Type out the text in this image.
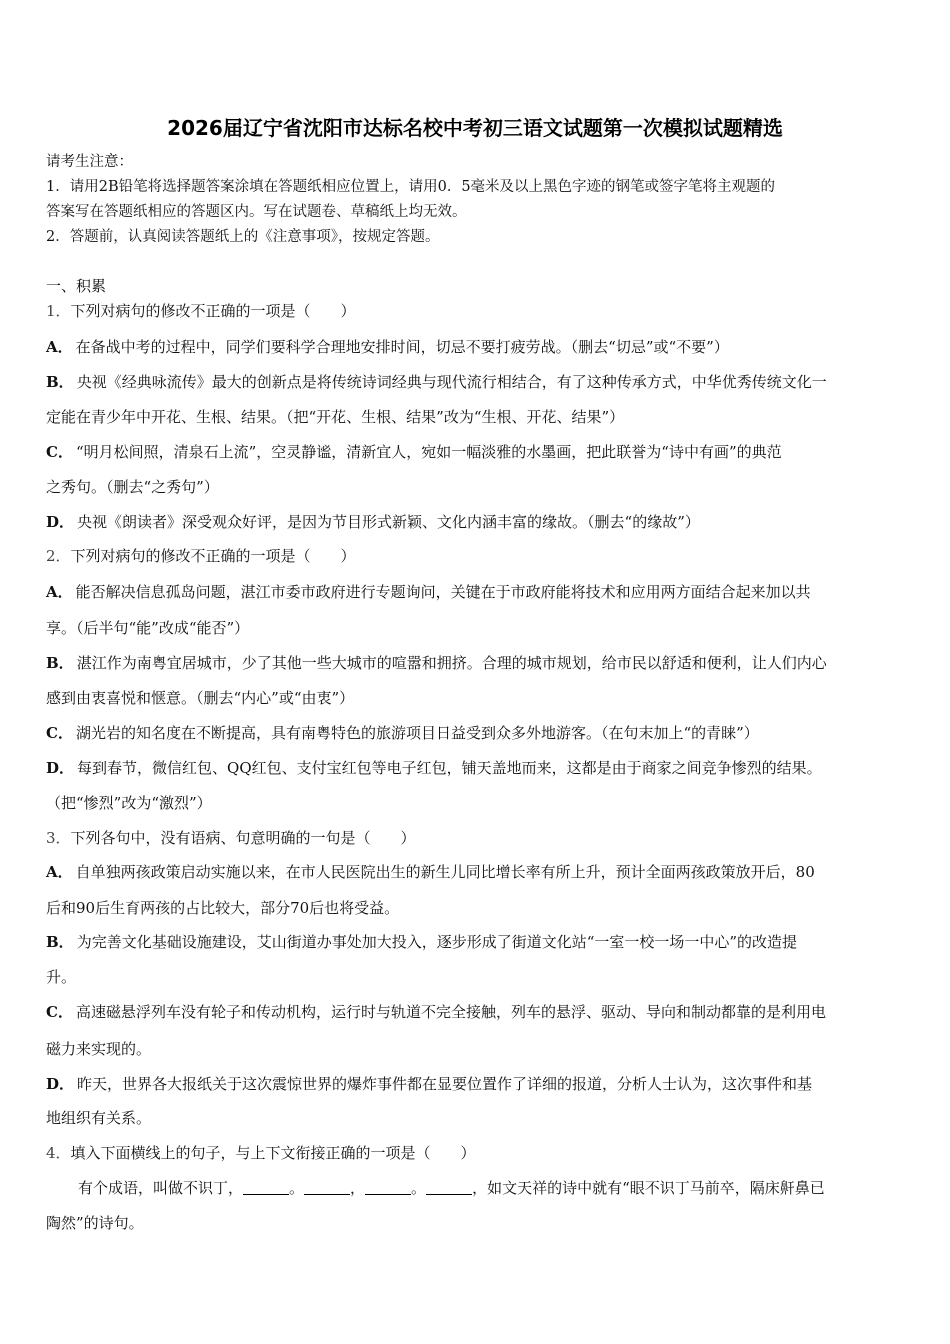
2026届辽宁省沈阳市达标名校中考初三语文试题第一次模拟试题精选
请考生注意：
1．请用2B铅笔将选择题答案涂填在答题纸相应位置上，请用0．5毫米及以上黑色字迹的钢笔或签字笔将主观题的
答案写在答题纸相应的答题区内。写在试题卷、草稿纸上均无效。
2．答题前，认真阅读答题纸上的《注意事项》，按规定答题。
一、积累
1．下列对病句的修改不正确的一项是（　　）
A． 在备战中考的过程中，同学们要科学合理地安排时间，切忌不要打疲劳战。（删去“切忌”或“不要”）
B． 央视《经典咏流传》最大的创新点是将传统诗词经典与现代流行相结合，有了这种传承方式，中华优秀传统文化一
定能在青少年中开花、生根、结果。（把“开花、生根、结果”改为“生根、开花、结果”）
C． “明月松间照，清泉石上流”，空灵静谧，清新宜人，宛如一幅淡雅的水墨画，把此联誉为“诗中有画”的典范
之秀句。（删去“之秀句”）
D． 央视《朗读者》深受观众好评，是因为节目形式新颖、文化内涵丰富的缘故。（删去“的缘故”）
2．下列对病句的修改不正确的一项是（　　）
A． 能否解决信息孤岛问题，湛江市委市政府进行专题询问，关键在于市政府能将技术和应用两方面结合起来加以共
享。（后半句“能”改成“能否”）
B． 湛江作为南粤宜居城市，少了其他一些大城市的喧嚣和拥挤。合理的城市规划，给市民以舒适和便利，让人们内心
感到由衷喜悦和惬意。（删去“内心”或“由衷”）
C． 湖光岩的知名度在不断提高，具有南粤特色的旅游项目日益受到众多外地游客。（在句末加上“的青睐”）
D． 每到春节，微信红包、QQ红包、支付宝红包等电子红包，铺天盖地而来，这都是由于商家之间竞争惨烈的结果。
（把“惨烈”改为“激烈”）
3．下列各句中，没有语病、句意明确的一句是（　　）
A． 自单独两孩政策启动实施以来，在市人民医院出生的新生儿同比增长率有所上升，预计全面两孩政策放开后，80
后和90后生育两孩的占比较大，部分70后也将受益。
B． 为完善文化基础设施建设，艾山街道办事处加大投入，逐步形成了街道文化站“一室一校一场一中心”的改造提
升。
C． 高速磁悬浮列车没有轮子和传动机构，运行时与轨道不完全接触，列车的悬浮、驱动、导向和制动都靠的是利用电
磁力来实现的。
D． 昨天，世界各大报纸关于这次震惊世界的爆炸事件都在显要位置作了详细的报道，分析人士认为，这次事件和基
地组织有关系。
4．填入下面横线上的句子，与上下文衔接正确的一项是（　　）
有个成语，叫做不识丁，	。	，	。	，如文天祥的诗中就有“眼不识丁马前卒，隔床鼾鼻已
陶然”的诗句。
